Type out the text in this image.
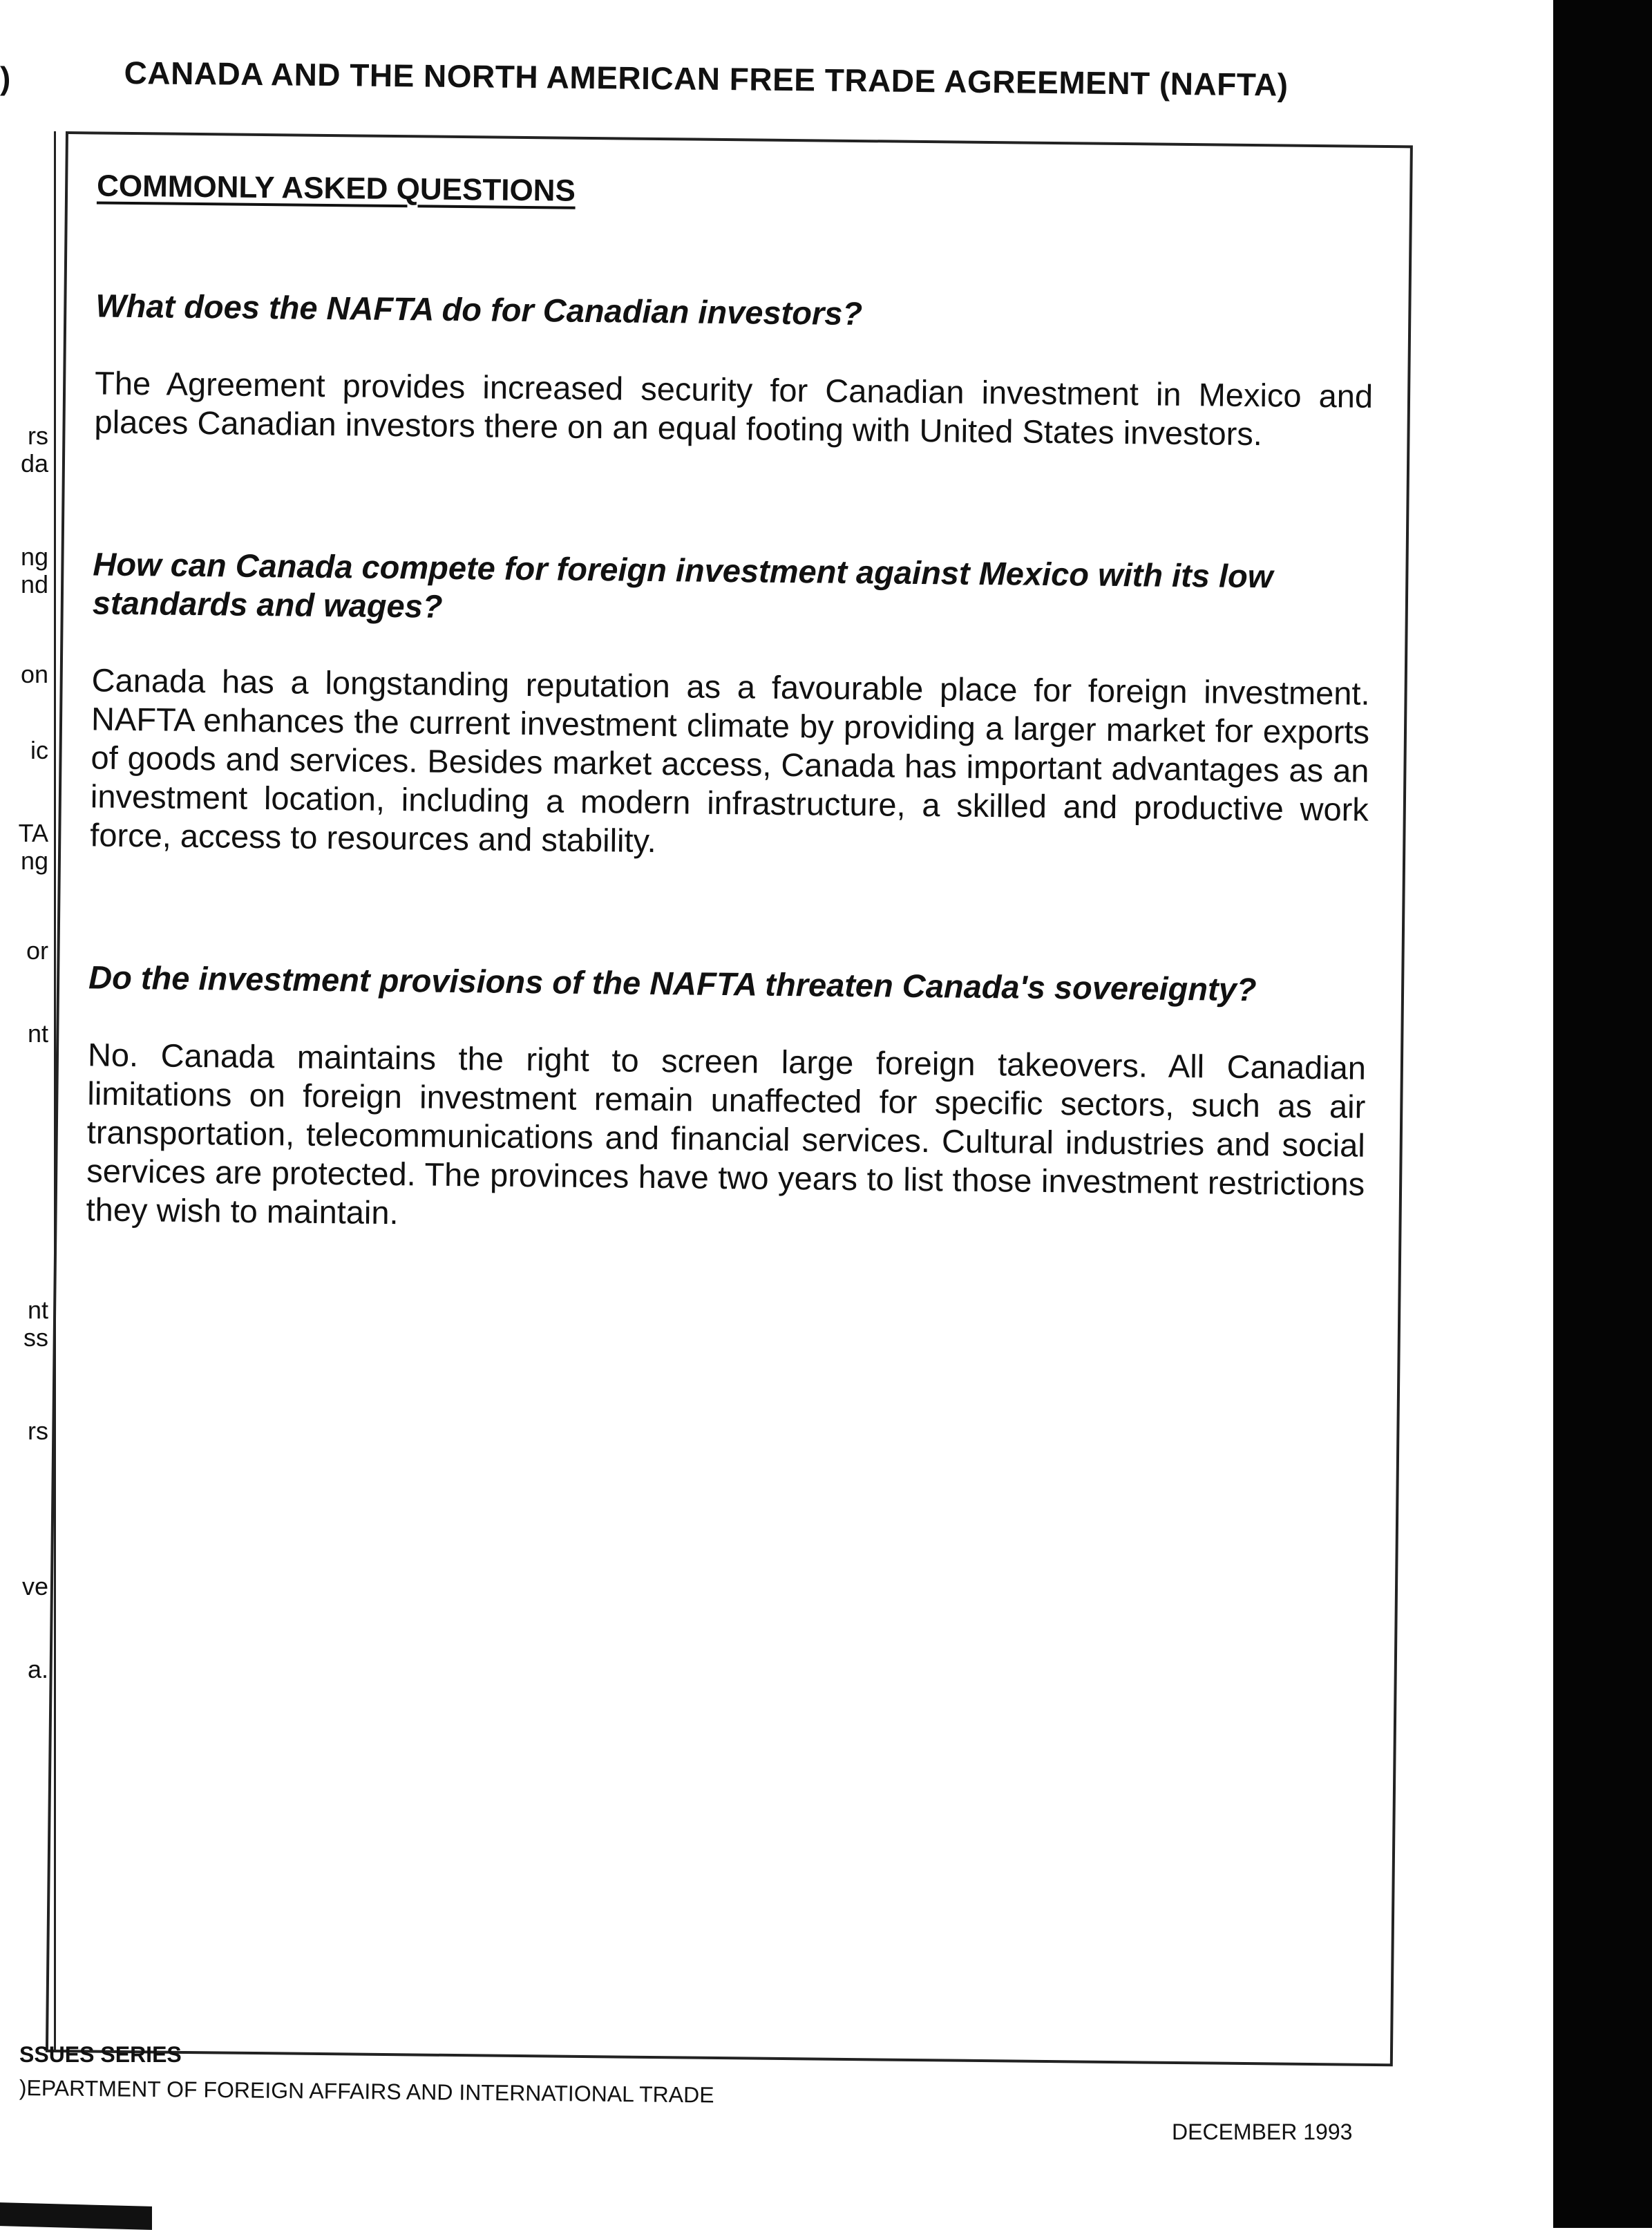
)	CANADA AND THE NORTH AMERICAN FREE TRADE AGREEMENT (NAFTA)
rs
da
ng
nd
on
ic
TA
ng
or
nt
nt
ss
rs
ve
a.
COMMONLY ASKED QUESTIONS
What does the NAFTA do for Canadian investors?
The Agreement provides increased security for Canadian investment in Mexico and places Canadian investors there on an equal footing with United States investors.
How can Canada compete for foreign investment against Mexico with its low standards and wages?
Canada has a longstanding reputation as a favourable place for foreign investment. NAFTA enhances the current investment climate by providing a larger market for exports of goods and services. Besides market access, Canada has important advantages as an investment location, including a modern infrastructure, a skilled and productive work force, access to resources and stability.
Do the investment provisions of the NAFTA threaten Canada's sovereignty?
No. Canada maintains the right to screen large foreign takeovers. All Canadian limitations on foreign investment remain unaffected for specific sectors, such as air transportation, telecommunications and financial services. Cultural industries and social services are protected. The provinces have two years to list those investment restrictions they wish to maintain.
SSUES SERIES
)EPARTMENT OF FOREIGN AFFAIRS AND INTERNATIONAL TRADE
DECEMBER 1993
